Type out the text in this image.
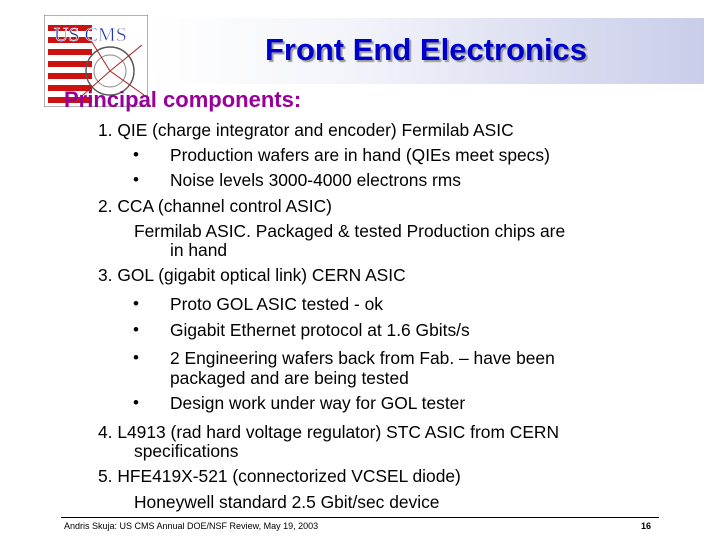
US CMS	Front End Electronics
Principal components:
1. QIE (charge integrator and encoder) Fermilab ASIC
• Production wafers are in hand (QIEs meet specs)
• Noise levels 3000-4000 electrons rms
2. CCA (channel control ASIC)
Fermilab ASIC. Packaged & tested Production chips are
in hand
3. GOL (gigabit optical link) CERN ASIC
• Proto GOL ASIC tested - ok
• Gigabit Ethernet protocol at 1.6 Gbits/s
• 2 Engineering wafers back from Fab. – have been
packaged and are being tested
• Design work under way for GOL tester
4. L4913 (rad hard voltage regulator) STC ASIC from CERN
specifications
5. HFE419X-521 (connectorized VCSEL diode)
Honeywell standard 2.5 Gbit/sec device
Andris Skuja: US CMS Annual DOE/NSF Review, May 19, 2003	16
